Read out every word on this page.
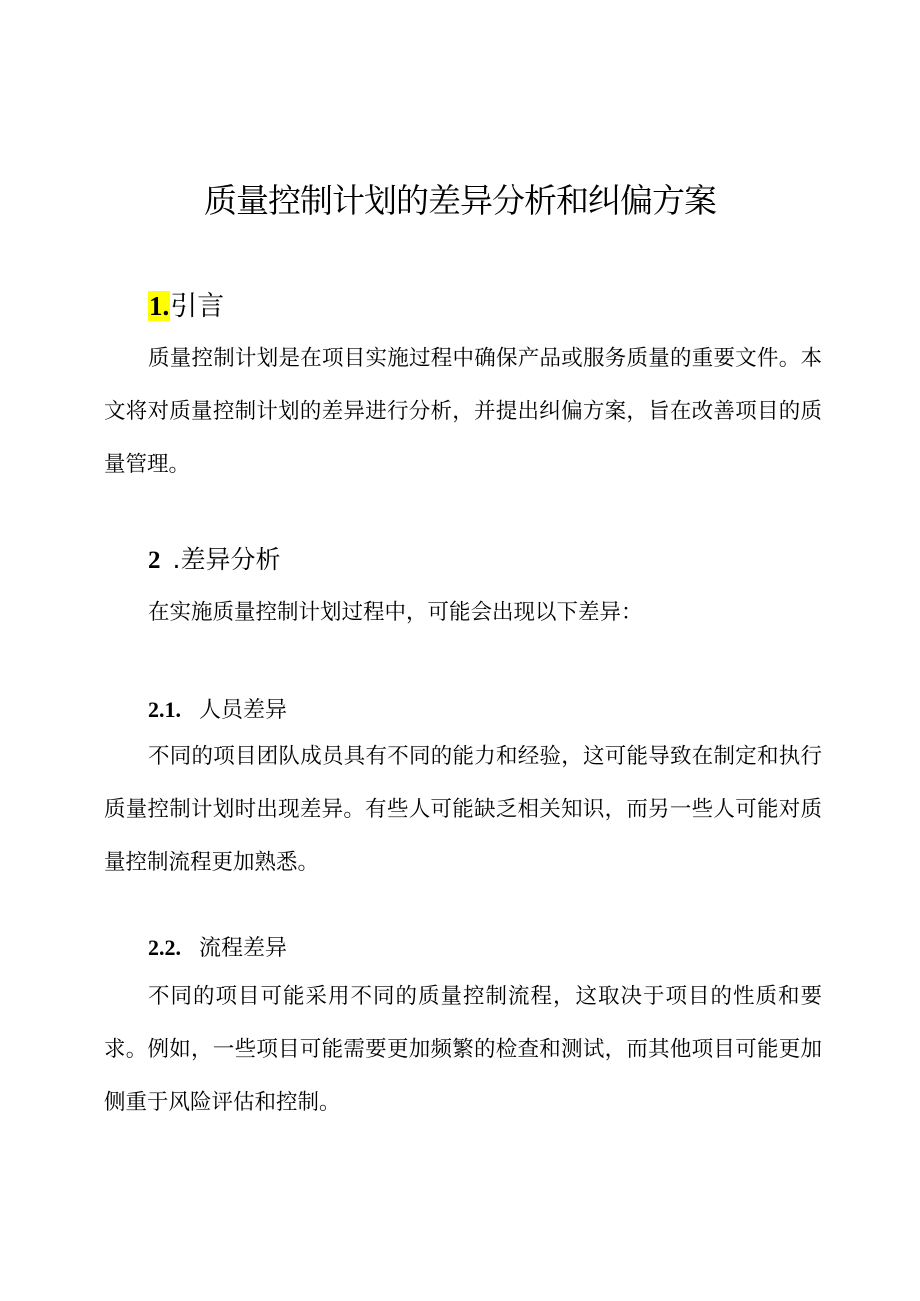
质量控制计划的差异分析和纠偏方案
1.引言

质量控制计划是在项目实施过程中确保产品或服务质量的重要文件。本文将对质量控制计划的差异进行分析，并提出纠偏方案，旨在改善项目的质量管理。

2 .差异分析

在实施质量控制计划过程中，可能会出现以下差异：

2.1. 人员差异

不同的项目团队成员具有不同的能力和经验，这可能导致在制定和执行质量控制计划时出现差异。有些人可能缺乏相关知识，而另一些人可能对质量控制流程更加熟悉。

2.2. 流程差异

不同的项目可能采用不同的质量控制流程，这取决于项目的性质和要求。例如，一些项目可能需要更加频繁的检查和测试，而其他项目可能更加侧重于风险评估和控制。
